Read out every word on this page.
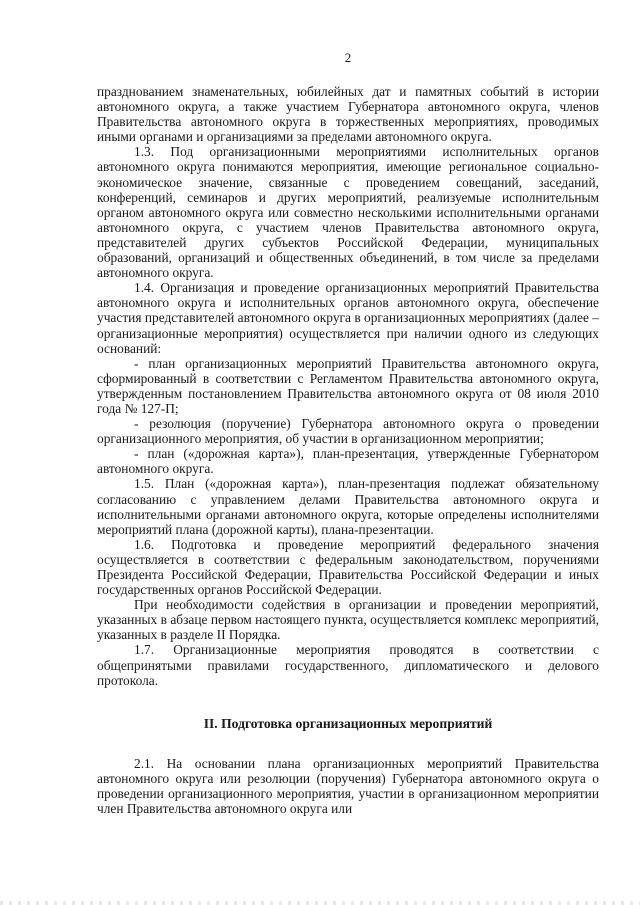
2

празднованием знаменательных, юбилейных дат и памятных событий в истории автономного округа, а также участием Губернатора автономного округа, членов Правительства автономного округа в торжественных мероприятиях, проводимых иными органами и организациями за пределами автономного округа.

1.3. Под организационными мероприятиями исполнительных органов автономного округа понимаются мероприятия, имеющие региональное социально-экономическое значение, связанные с проведением совещаний, заседаний, конференций, семинаров и других мероприятий, реализуемые исполнительным органом автономного округа или совместно несколькими исполнительными органами автономного округа, с участием членов Правительства автономного округа, представителей других субъектов Российской Федерации, муниципальных образований, организаций и общественных объединений, в том числе за пределами автономного округа.

1.4. Организация и проведение организационных мероприятий Правительства автономного округа и исполнительных органов автономного округа, обеспечение участия представителей автономного округа в организационных мероприятиях (далее – организационные мероприятия) осуществляется при наличии одного из следующих оснований:

- план организационных мероприятий Правительства автономного округа, сформированный в соответствии с Регламентом Правительства автономного округа, утвержденным постановлением Правительства автономного округа от 08 июля 2010 года № 127-П;

- резолюция (поручение) Губернатора автономного округа о проведении организационного мероприятия, об участии в организационном мероприятии;

- план («дорожная карта»), план-презентация, утвержденные Губернатором автономного округа.

1.5. План («дорожная карта»), план-презентация подлежат обязательному согласованию с управлением делами Правительства автономного округа и исполнительными органами автономного округа, которые определены исполнителями мероприятий плана (дорожной карты), плана-презентации.

1.6. Подготовка и проведение мероприятий федерального значения осуществляется в соответствии с федеральным законодательством, поручениями Президента Российской Федерации, Правительства Российской Федерации и иных государственных органов Российской Федерации.

При необходимости содействия в организации и проведении мероприятий, указанных в абзаце первом настоящего пункта, осуществляется комплекс мероприятий, указанных в разделе II Порядка.

1.7. Организационные мероприятия проводятся в соответствии с общепринятыми правилами государственного, дипломатического и делового протокола.

II. Подготовка организационных мероприятий

2.1. На основании плана организационных мероприятий Правительства автономного округа или резолюции (поручения) Губернатора автономного округа о проведении организационного мероприятия, участии в организационном мероприятии член Правительства автономного округа или
